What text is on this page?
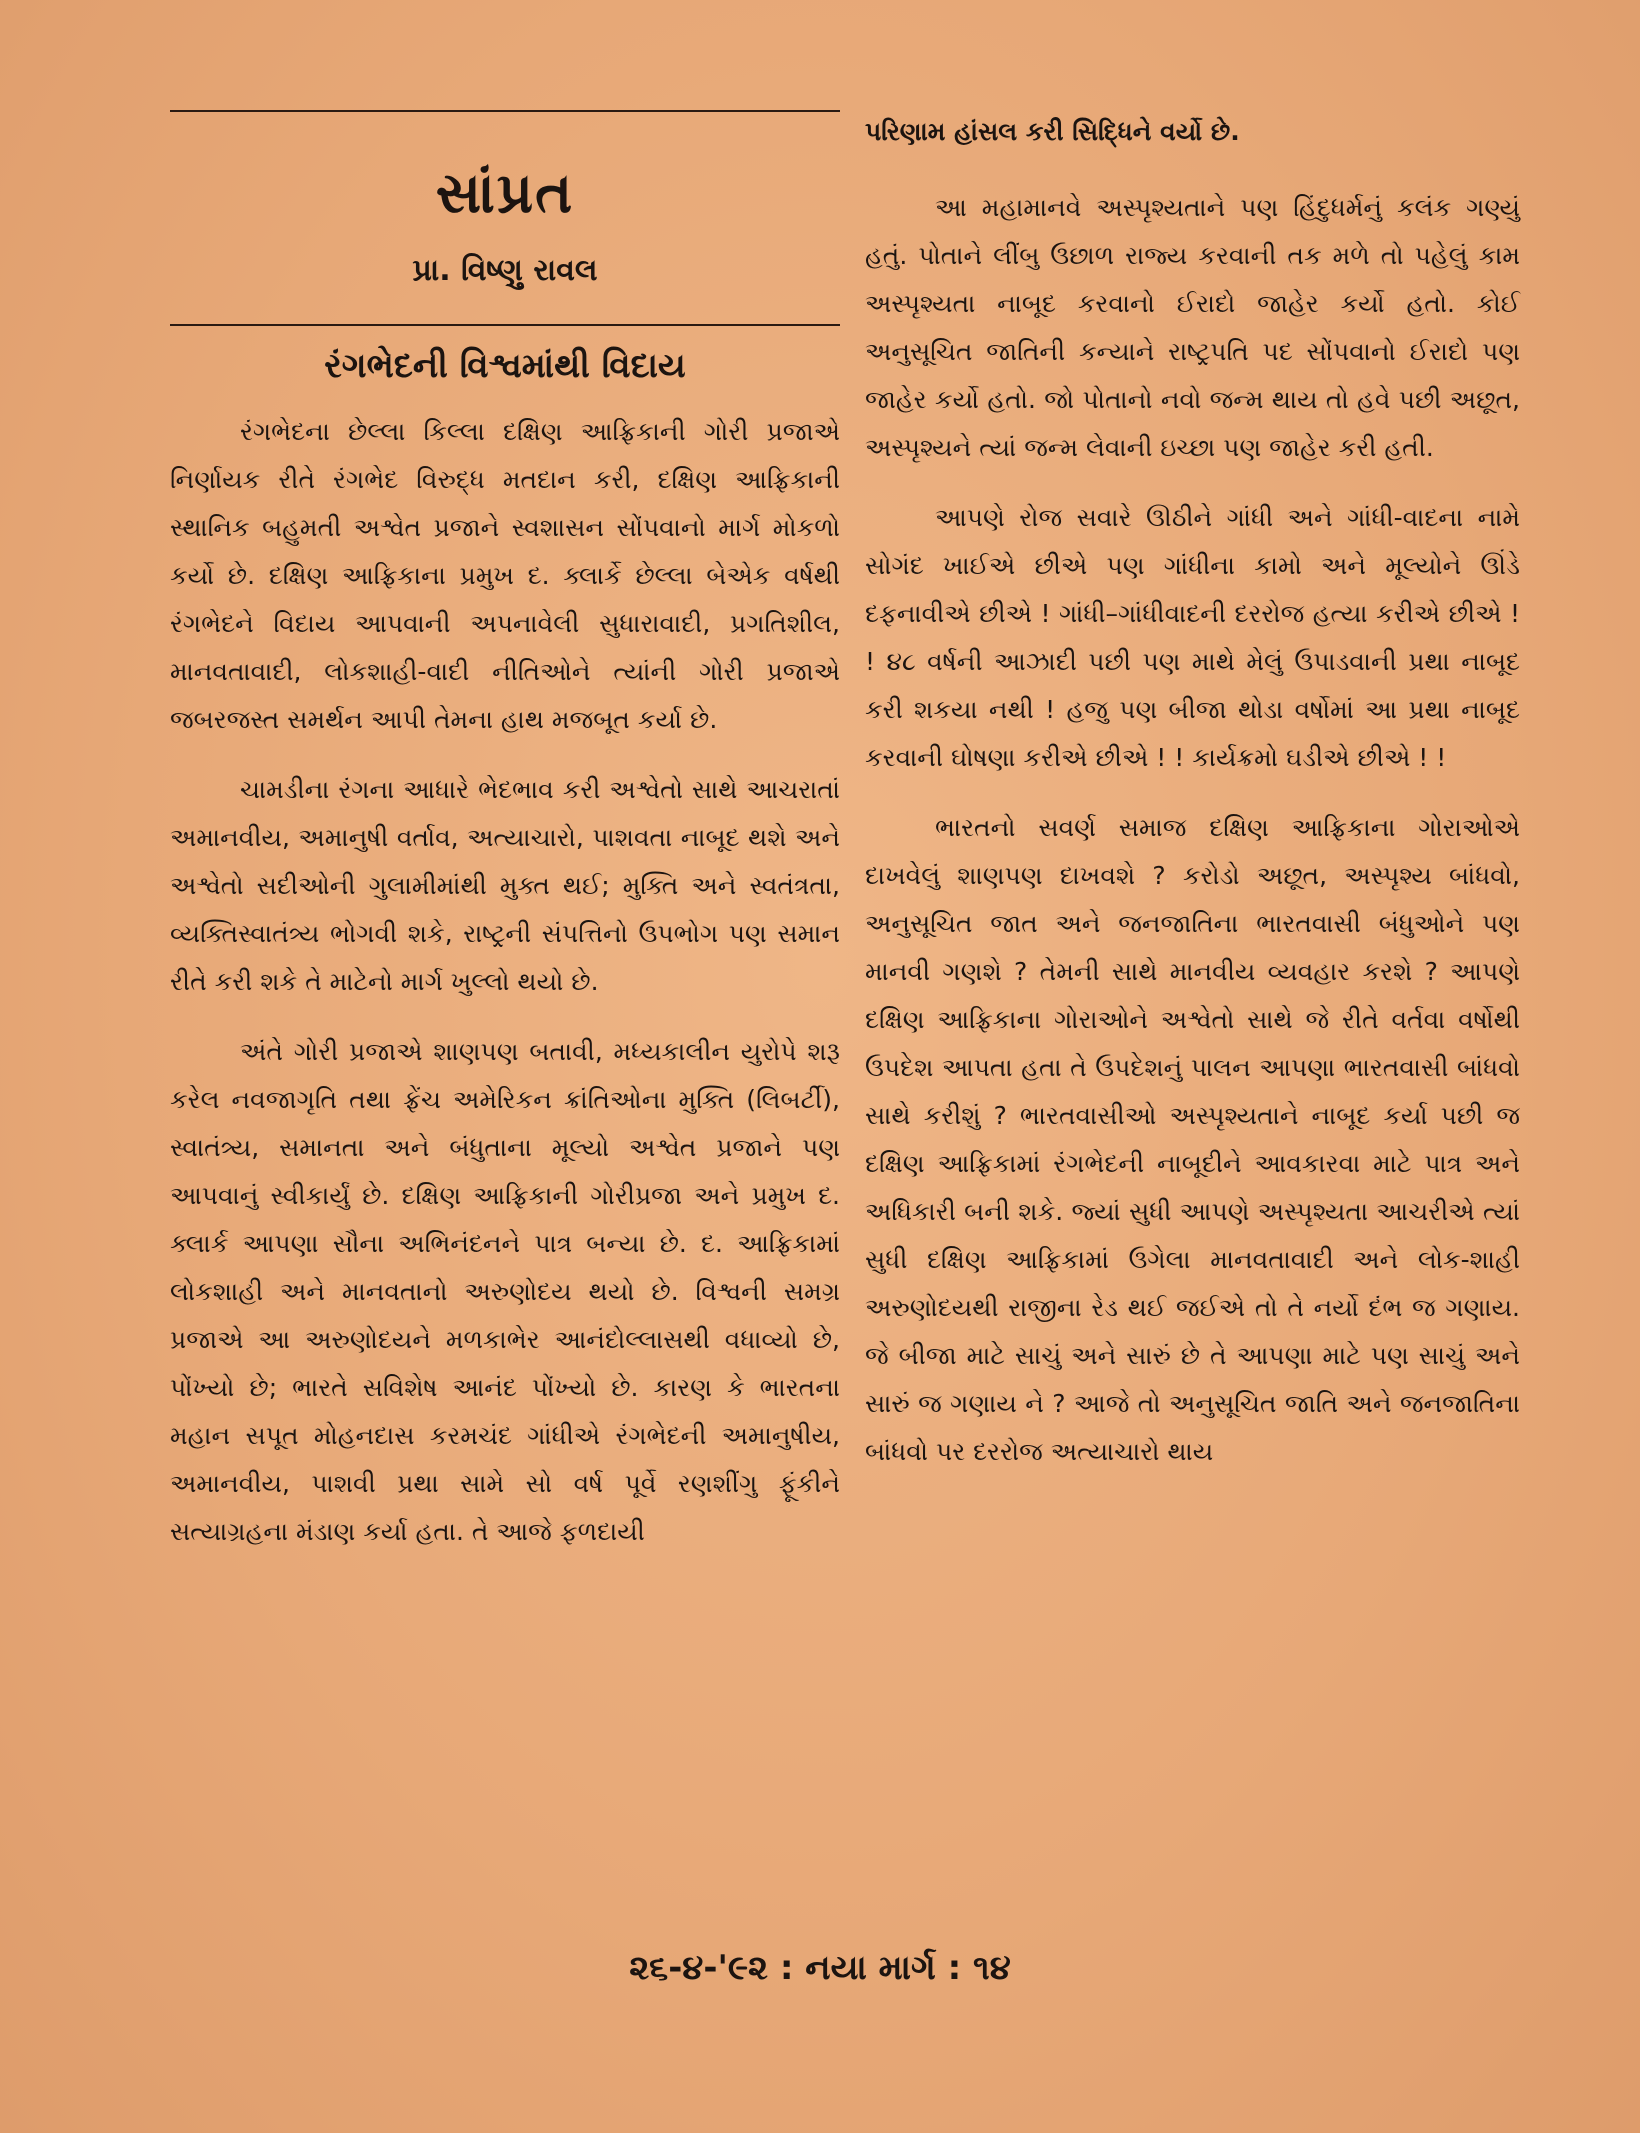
સાંપ્રત
પ્રા. વિષ્ણુ રાવલ
રંગભેદની વિશ્વમાંથી વિદાય

રંગભેદના છેલ્લા કિલ્લા દક્ષિણ આફ્રિકાની ગોરી પ્રજાએ નિર્ણાયક રીતે રંગભેદ વિરુદ્ધ મતદાન કરી, દક્ષિણ આફ્રિકાની સ્થાનિક બહુમતી અશ્વેત પ્રજાને સ્વશાસન સોંપવાનો માર્ગ મોકળો કર્યો છે. દક્ષિણ આફ્રિકાના પ્રમુખ દ. ક્લાર્કે છેલ્લા બેએક વર્ષથી રંગભેદને વિદાય આપવાની અપનાવેલી સુધારાવાદી, પ્રગતિશીલ, માનવતાવાદી, લોકશાહી-વાદી નીતિઓને ત્યાંની ગોરી પ્રજાએ જબરજસ્ત સમર્થન આપી તેમના હાથ મજબૂત કર્યા છે.

ચામડીના રંગના આધારે ભેદભાવ કરી અશ્વેતો સાથે આચરાતાં અમાનવીય, અમાનુષી વર્તાવ, અત્યાચારો, પાશવતા નાબૂદ થશે અને અશ્વેતો સદીઓની ગુલામીમાંથી મુક્ત થઈ; મુક્તિ અને સ્વતંત્રતા, વ્યક્તિસ્વાતંત્ર્ય ભોગવી શકે, રાષ્ટ્રની સંપત્તિનો ઉપભોગ પણ સમાન રીતે કરી શકે તે માટેનો માર્ગ ખુલ્લો થયો છે.

અંતે ગોરી પ્રજાએ શાણપણ બતાવી, મધ્યકાલીન યુરોપે શરૂ કરેલ નવજાગૃતિ તથા ફ્રેંચ અમેરિકન ક્રાંતિઓના મુક્તિ (લિબર્ટી), સ્વાતંત્ર્ય, સમાનતા અને બંધુતાના મૂલ્યો અશ્વેત પ્રજાને પણ આપવાનું સ્વીકાર્યું છે. દક્ષિણ આફ્રિકાની ગોરીપ્રજા અને પ્રમુખ દ. ક્લાર્ક આપણા સૌના અભિનંદનને પાત્ર બન્યા છે. દ. આફ્રિકામાં લોકશાહી અને માનવતાનો અરુણોદય થયો છે. વિશ્વની સમગ્ર પ્રજાએ આ અરુણોદયને મળકાભેર આનંદોલ્લાસથી વધાવ્યો છે, પોંખ્યો છે; ભારતે સવિશેષ આનંદ પોંખ્યો છે. કારણ કે ભારતના મહાન સપૂત મોહનદાસ કરમચંદ ગાંધીએ રંગભેદની અમાનુષીય, અમાનવીય, પાશવી પ્રથા સામે સો વર્ષ પૂર્વે રણશીંગુ ફૂંકીને સત્યાગ્રહના મંડાણ કર્યા હતા. તે આજે ફળદાયી

પરિણામ હાંસલ કરી સિદ્ધિને વર્યો છે.

આ મહામાનવે અસ્પૃશ્યતાને પણ હિંદુધર્મનું કલંક ગણ્યું હતું. પોતાને લીંબુ ઉછાળ રાજ્ય કરવાની તક મળે તો પહેલું કામ અસ્પૃશ્યતા નાબૂદ કરવાનો ઈરાદો જાહેર કર્યો હતો. કોઈ અનુસૂચિત જાતિની કન્યાને રાષ્ટ્રપતિ પદ સોંપવાનો ઈરાદો પણ જાહેર કર્યો હતો. જો પોતાનો નવો જન્મ થાય તો હવે પછી અછૂત, અસ્પૃશ્યને ત્યાં જન્મ લેવાની ઇચ્છા પણ જાહેર કરી હતી.

આપણે રોજ સવારે ઊઠીને ગાંધી અને ગાંધી-વાદના નામે સોગંદ ખાઈએ છીએ પણ ગાંધીના કામો અને મૂલ્યોને ઊંડે દફનાવીએ છીએ ! ગાંધી–ગાંધીવાદની દરરોજ હત્યા કરીએ છીએ ! ! ૪૮ વર્ષની આઝાદી પછી પણ માથે મેલું ઉપાડવાની પ્રથા નાબૂદ કરી શકયા નથી ! હજુ પણ બીજા થોડા વર્ષોમાં આ પ્રથા નાબૂદ કરવાની ઘોષણા કરીએ છીએ ! ! કાર્યક્રમો ઘડીએ છીએ ! !

ભારતનો સવર્ણ સમાજ દક્ષિણ આફ્રિકાના ગોરાઓએ દાખવેલું શાણપણ દાખવશે ? કરોડો અછૂત, અસ્પૃશ્ય બાંધવો, અનુસૂચિત જાત અને જનજાતિના ભારતવાસી બંધુઓને પણ માનવી ગણશે ? તેમની સાથે માનવીય વ્યવહાર કરશે ? આપણે દક્ષિણ આફ્રિકાના ગોરાઓને અશ્વેતો સાથે જે રીતે વર્તવા વર્ષોથી ઉપદેશ આપતા હતા તે ઉપદેશનું પાલન આપણા ભારતવાસી બાંધવો સાથે કરીશું ? ભારતવાસીઓ અસ્પૃશ્યતાને નાબૂદ કર્યા પછી જ દક્ષિણ આફ્રિકામાં રંગભેદની નાબૂદીને આવકારવા માટે પાત્ર અને અધિકારી બની શકે. જ્યાં સુધી આપણે અસ્પૃશ્યતા આચરીએ ત્યાં સુધી દક્ષિણ આફ્રિકામાં ઉગેલા માનવતાવાદી અને લોક-શાહી અરુણોદયથી રાજીના રેડ થઈ જઈએ તો તે નર્યો દંભ જ ગણાય. જે બીજા માટે સાચું અને સારું છે તે આપણા માટે પણ સાચું અને સારું જ ગણાય ને ? આજે તો અનુસૂચિત જાતિ અને જનજાતિના બાંધવો પર દરરોજ અત્યાચારો થાય

૨૬-૪-'૯૨ : નયા માર્ગ : ૧૪
